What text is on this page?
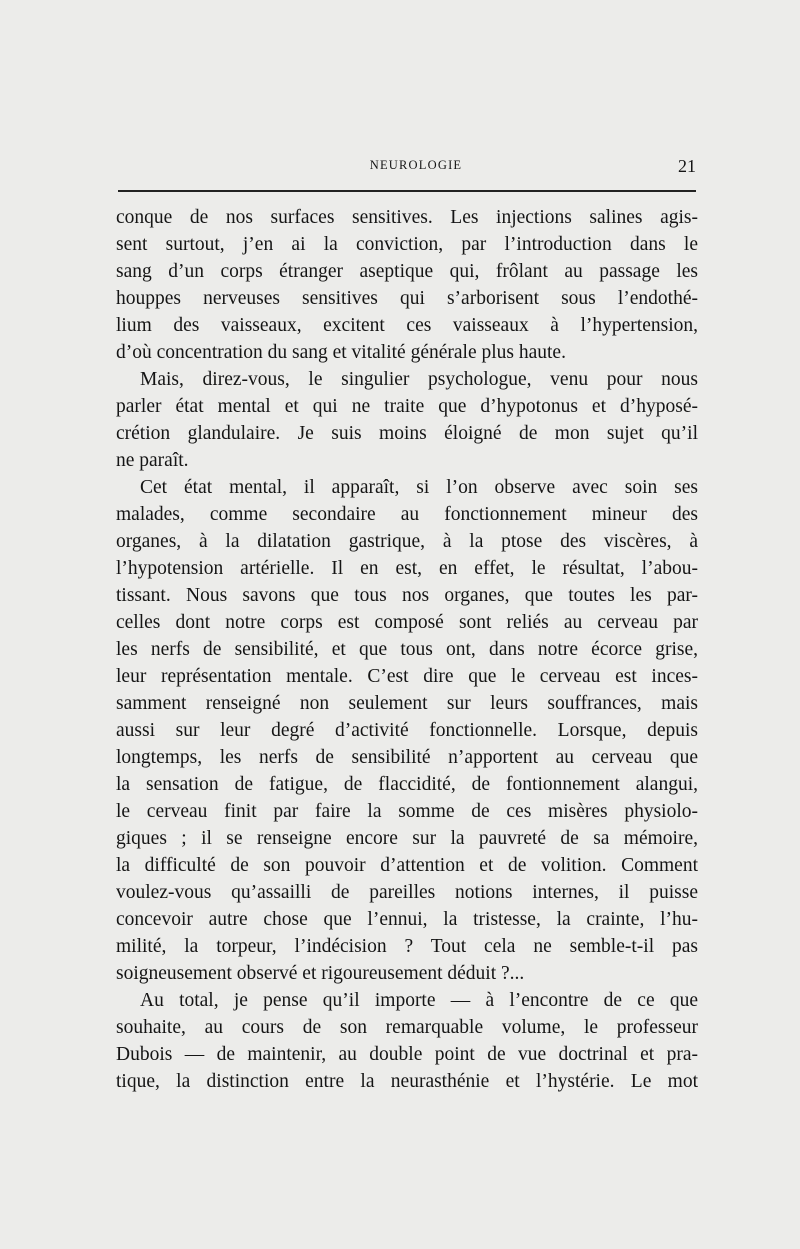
NEUROLOGIE	21
conque de nos surfaces sensitives. Les injections salines agis-
sent surtout, j’en ai la conviction, par l’introduction dans le
sang d’un corps étranger aseptique qui, frôlant au passage les
houppes nerveuses sensitives qui s’arborisent sous l’endothé-
lium des vaisseaux, excitent ces vaisseaux à l’hypertension,
d’où concentration du sang et vitalité générale plus haute.
Mais, direz-vous, le singulier psychologue, venu pour nous
parler état mental et qui ne traite que d’hypotonus et d’hyposé-
crétion glandulaire. Je suis moins éloigné de mon sujet qu’il
ne paraît.
Cet état mental, il apparaît, si l’on observe avec soin ses
malades, comme secondaire au fonctionnement mineur des
organes, à la dilatation gastrique, à la ptose des viscères, à
l’hypotension artérielle. Il en est, en effet, le résultat, l’abou-
tissant. Nous savons que tous nos organes, que toutes les par-
celles dont notre corps est composé sont reliés au cerveau par
les nerfs de sensibilité, et que tous ont, dans notre écorce grise,
leur représentation mentale. C’est dire que le cerveau est inces-
samment renseigné non seulement sur leurs souffrances, mais
aussi sur leur degré d’activité fonctionnelle. Lorsque, depuis
longtemps, les nerfs de sensibilité n’apportent au cerveau que
la sensation de fatigue, de flaccidité, de fontionnement alangui,
le cerveau finit par faire la somme de ces misères physiolo-
giques ; il se renseigne encore sur la pauvreté de sa mémoire,
la difficulté de son pouvoir d’attention et de volition. Comment
voulez-vous qu’assailli de pareilles notions internes, il puisse
concevoir autre chose que l’ennui, la tristesse, la crainte, l’hu-
milité, la torpeur, l’indécision ? Tout cela ne semble-t-il pas
soigneusement observé et rigoureusement déduit ?...
Au total, je pense qu’il importe — à l’encontre de ce que
souhaite, au cours de son remarquable volume, le professeur
Dubois — de maintenir, au double point de vue doctrinal et pra-
tique, la distinction entre la neurasthénie et l’hystérie. Le mot
